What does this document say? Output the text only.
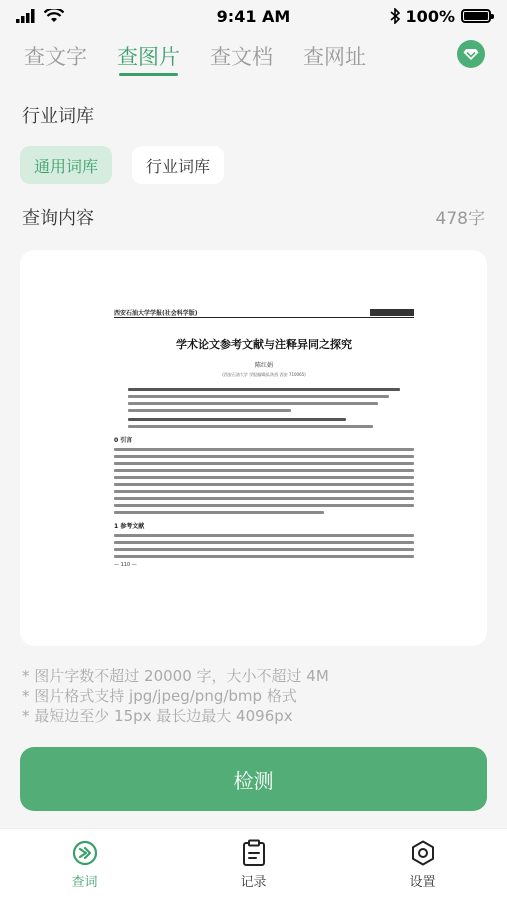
9:41 AM	100%
查文字 查图片 查文档 查网址
行业词库
通用词库	行业词库
查询内容	478字
西安石油大学学报(社会科学版)
学术论文参考文献与注释异同之探究
陈红娟
(西安石油大学 学报编辑部,陕西 西安 710065)
0 引言
1 参考文献
— 110 —
* 图片字数不超过 20000 字，大小不超过 4M
* 图片格式支持 jpg/jpeg/png/bmp 格式
* 最短边至少 15px 最长边最大 4096px
检测
查词	记录	设置
